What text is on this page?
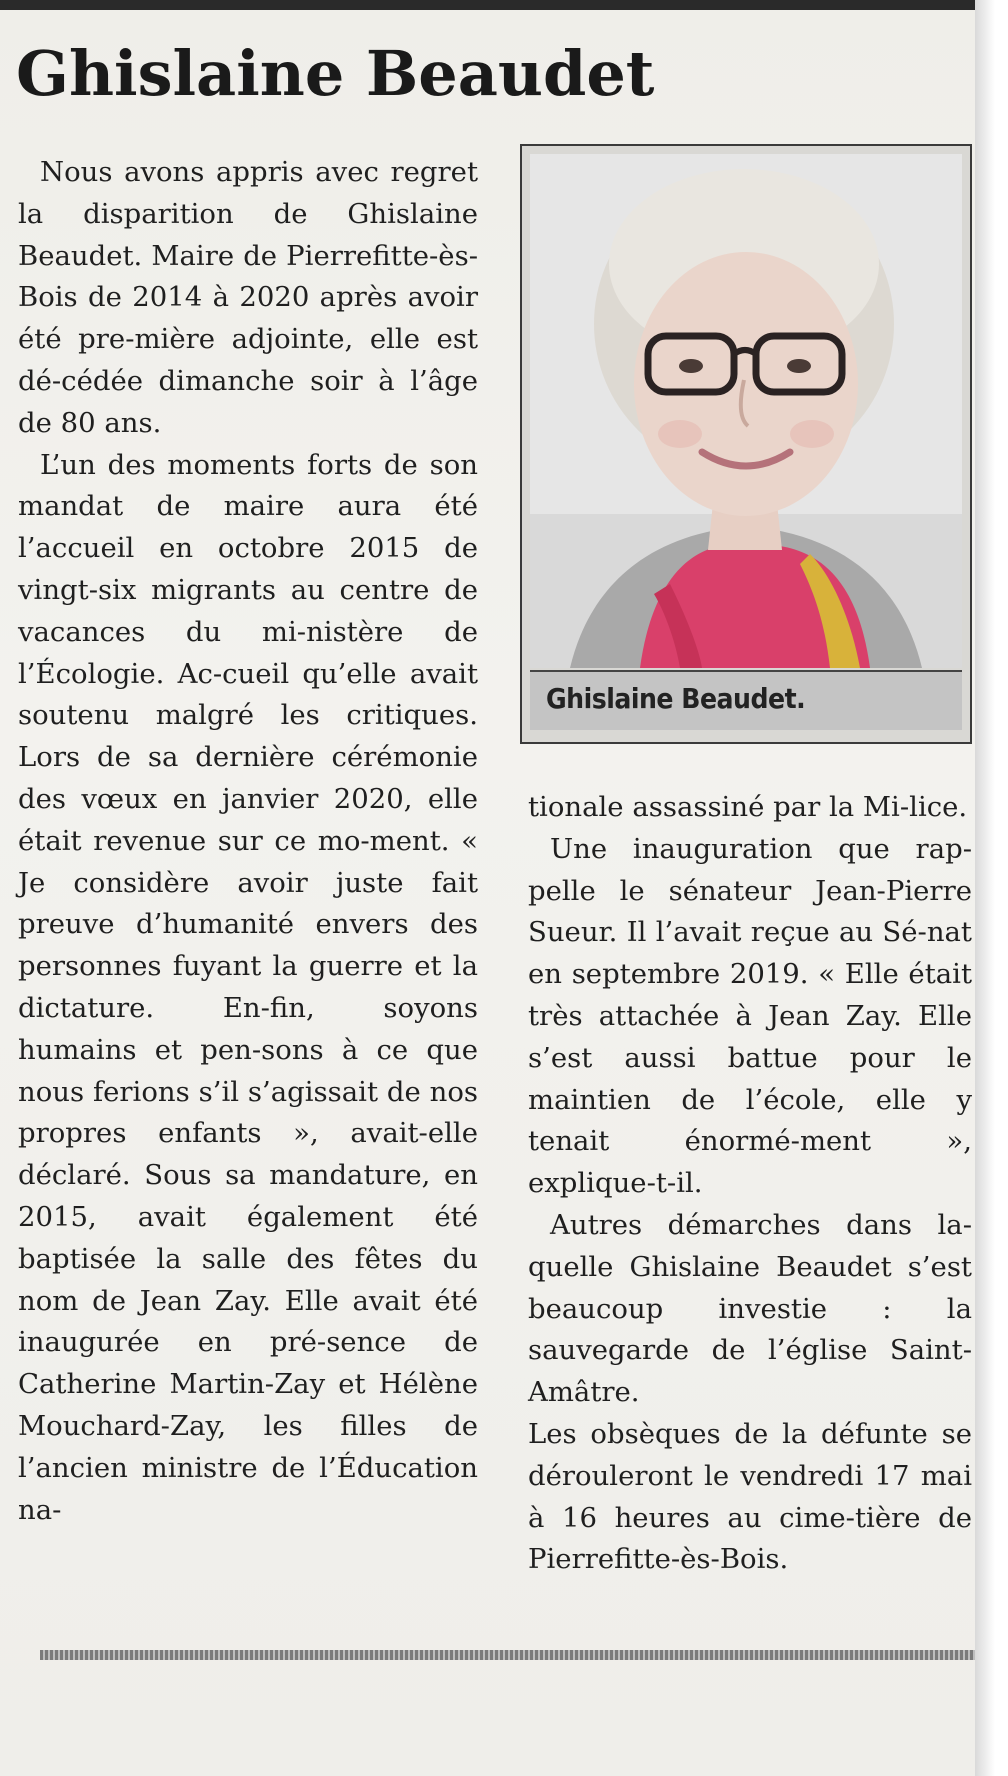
Ghislaine Beaudet

Nous avons appris avec regret la disparition de Ghislaine Beaudet. Maire de Pierrefitte-ès-Bois de 2014 à 2020 après avoir été pre-mière adjointe, elle est dé-cédée dimanche soir à l’âge de 80 ans.

L’un des moments forts de son mandat de maire aura été l’accueil en octobre 2015 de vingt-six migrants au centre de vacances du mi-nistère de l’Écologie. Ac-cueil qu’elle avait soutenu malgré les critiques. Lors de sa dernière cérémonie des vœux en janvier 2020, elle était revenue sur ce mo-ment. « Je considère avoir juste fait preuve d’humanité envers des personnes fuyant la guerre et la dictature. En-fin, soyons humains et pen-sons à ce que nous ferions s’il s’agissait de nos propres enfants », avait-elle déclaré. Sous sa mandature, en 2015, avait également été baptisée la salle des fêtes du nom de Jean Zay. Elle avait été inaugurée en pré-sence de Catherine Martin-Zay et Hélène Mouchard-Zay, les filles de l’ancien ministre de l’Éducation na-

Ghislaine Beaudet.

tionale assassiné par la Mi-lice.

Une inauguration que rap-pelle le sénateur Jean-Pierre Sueur. Il l’avait reçue au Sé-nat en septembre 2019. « Elle était très attachée à Jean Zay. Elle s’est aussi battue pour le maintien de l’école, elle y tenait énormé-ment », explique-t-il.

Autres démarches dans la-quelle Ghislaine Beaudet s’est beaucoup investie : la sauvegarde de l’église Saint-Amâtre.

Les obsèques de la défunte se dérouleront le vendredi 17 mai à 16 heures au cime-tière de Pierrefitte-ès-Bois.
